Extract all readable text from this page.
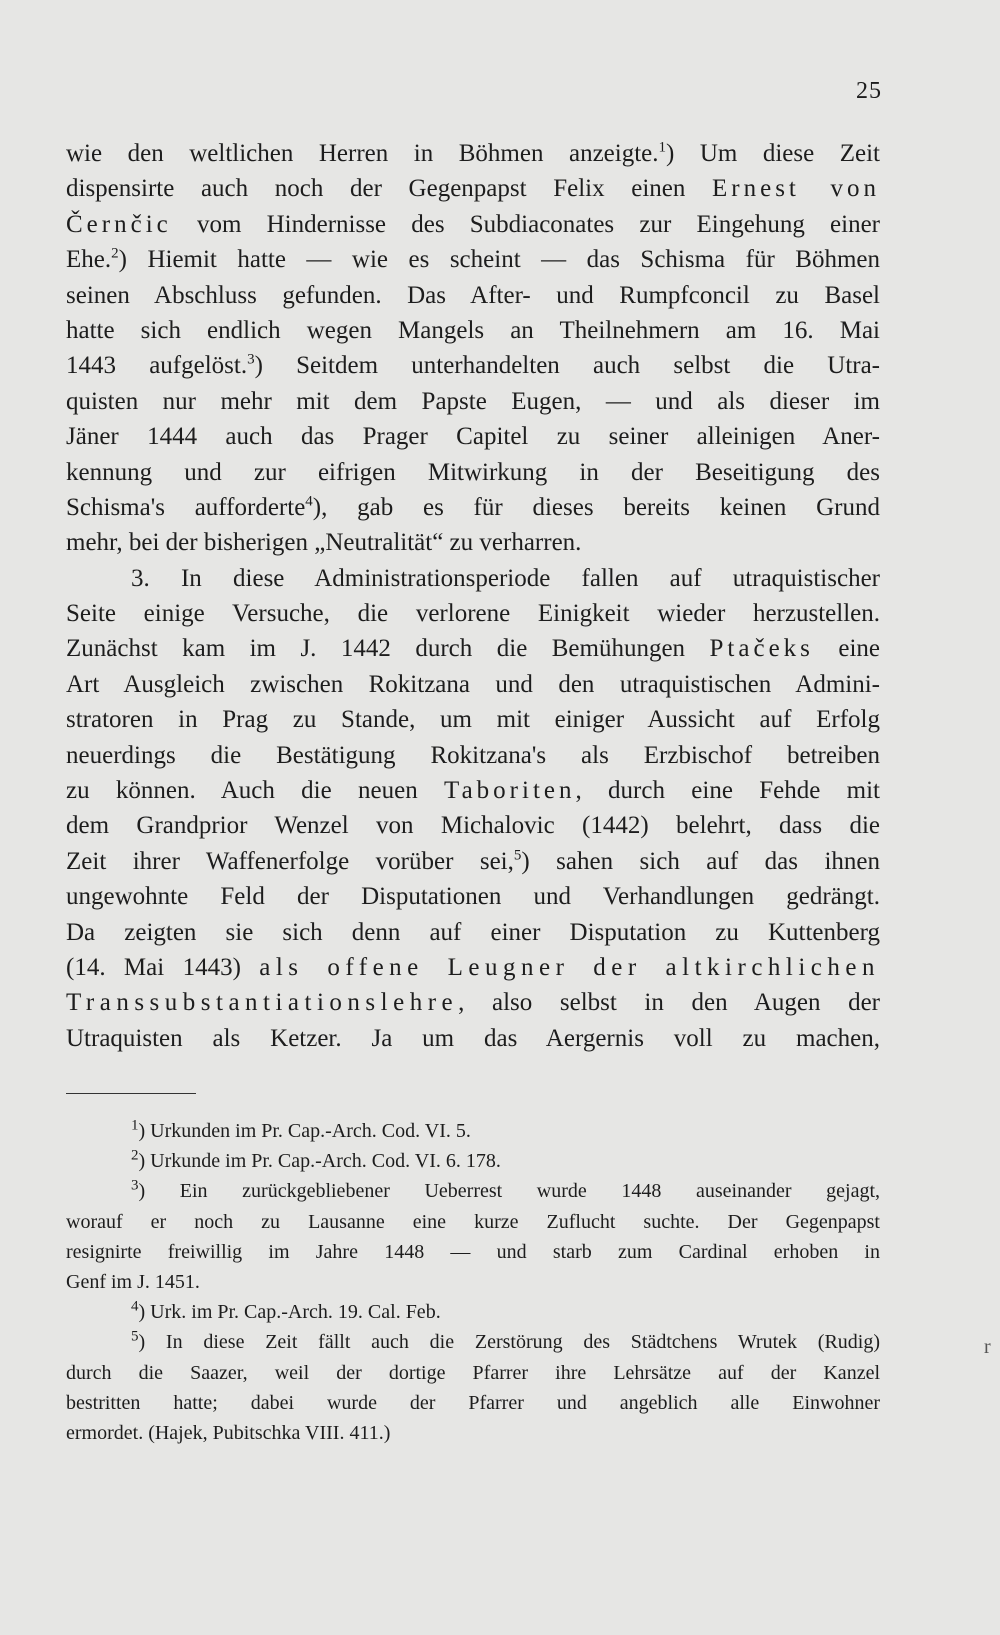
25
wie den weltlichen Herren in Böhmen anzeigte.$^1$) Um diese Zeit
dispensirte auch noch der Gegenpapst Felix einen Ernest von
Černčic vom Hindernisse des Subdiaconates zur Eingehung einer
Ehe.$^2$) Hiemit hatte — wie es scheint — das Schisma für Böhmen
seinen Abschluss gefunden. Das After- und Rumpfconcil zu Basel
hatte sich endlich wegen Mangels an Theilnehmern am 16. Mai
1443 aufgelöst.$^3$) Seitdem unterhandelten auch selbst die Utra-
quisten nur mehr mit dem Papste Eugen, — und als dieser im
Jäner 1444 auch das Prager Capitel zu seiner alleinigen Aner-
kennung und zur eifrigen Mitwirkung in der Beseitigung des
Schisma's aufforderte$^4$), gab es für dieses bereits keinen Grund
mehr, bei der bisherigen „Neutralität“ zu verharren.
3. In diese Administrationsperiode fallen auf utraquistischer
Seite einige Versuche, die verlorene Einigkeit wieder herzustellen.
Zunächst kam im J. 1442 durch die Bemühungen Ptačeks eine
Art Ausgleich zwischen Rokitzana und den utraquistischen Admini-
stratoren in Prag zu Stande, um mit einiger Aussicht auf Erfolg
neuerdings die Bestätigung Rokitzana's als Erzbischof betreiben
zu können. Auch die neuen Taboriten, durch eine Fehde mit
dem Grandprior Wenzel von Michalovic (1442) belehrt, dass die
Zeit ihrer Waffenerfolge vorüber sei,$^5$) sahen sich auf das ihnen
ungewohnte Feld der Disputationen und Verhandlungen gedrängt.
Da zeigten sie sich denn auf einer Disputation zu Kuttenberg
(14. Mai 1443) als offene Leugner der altkirchlichen
Transsubstantiationslehre, also selbst in den Augen der
Utraquisten als Ketzer. Ja um das Aergernis voll zu machen,
$^1$) Urkunden im Pr. Cap.-Arch. Cod. VI. 5.
$^2$) Urkunde im Pr. Cap.-Arch. Cod. VI. 6. 178.
$^3$) Ein zurückgebliebener Ueberrest wurde 1448 auseinander gejagt,
worauf er noch zu Lausanne eine kurze Zuflucht suchte. Der Gegenpapst
resignirte freiwillig im Jahre 1448 — und starb zum Cardinal erhoben in
Genf im J. 1451.
$^4$) Urk. im Pr. Cap.-Arch. 19. Cal. Feb.
$^5$) In diese Zeit fällt auch die Zerstörung des Städtchens Wrutek (Rudig)
durch die Saazer, weil der dortige Pfarrer ihre Lehrsätze auf der Kanzel
bestritten hatte; dabei wurde der Pfarrer und angeblich alle Einwohner
ermordet. (Hajek, Pubitschka VIII. 411.)
r
